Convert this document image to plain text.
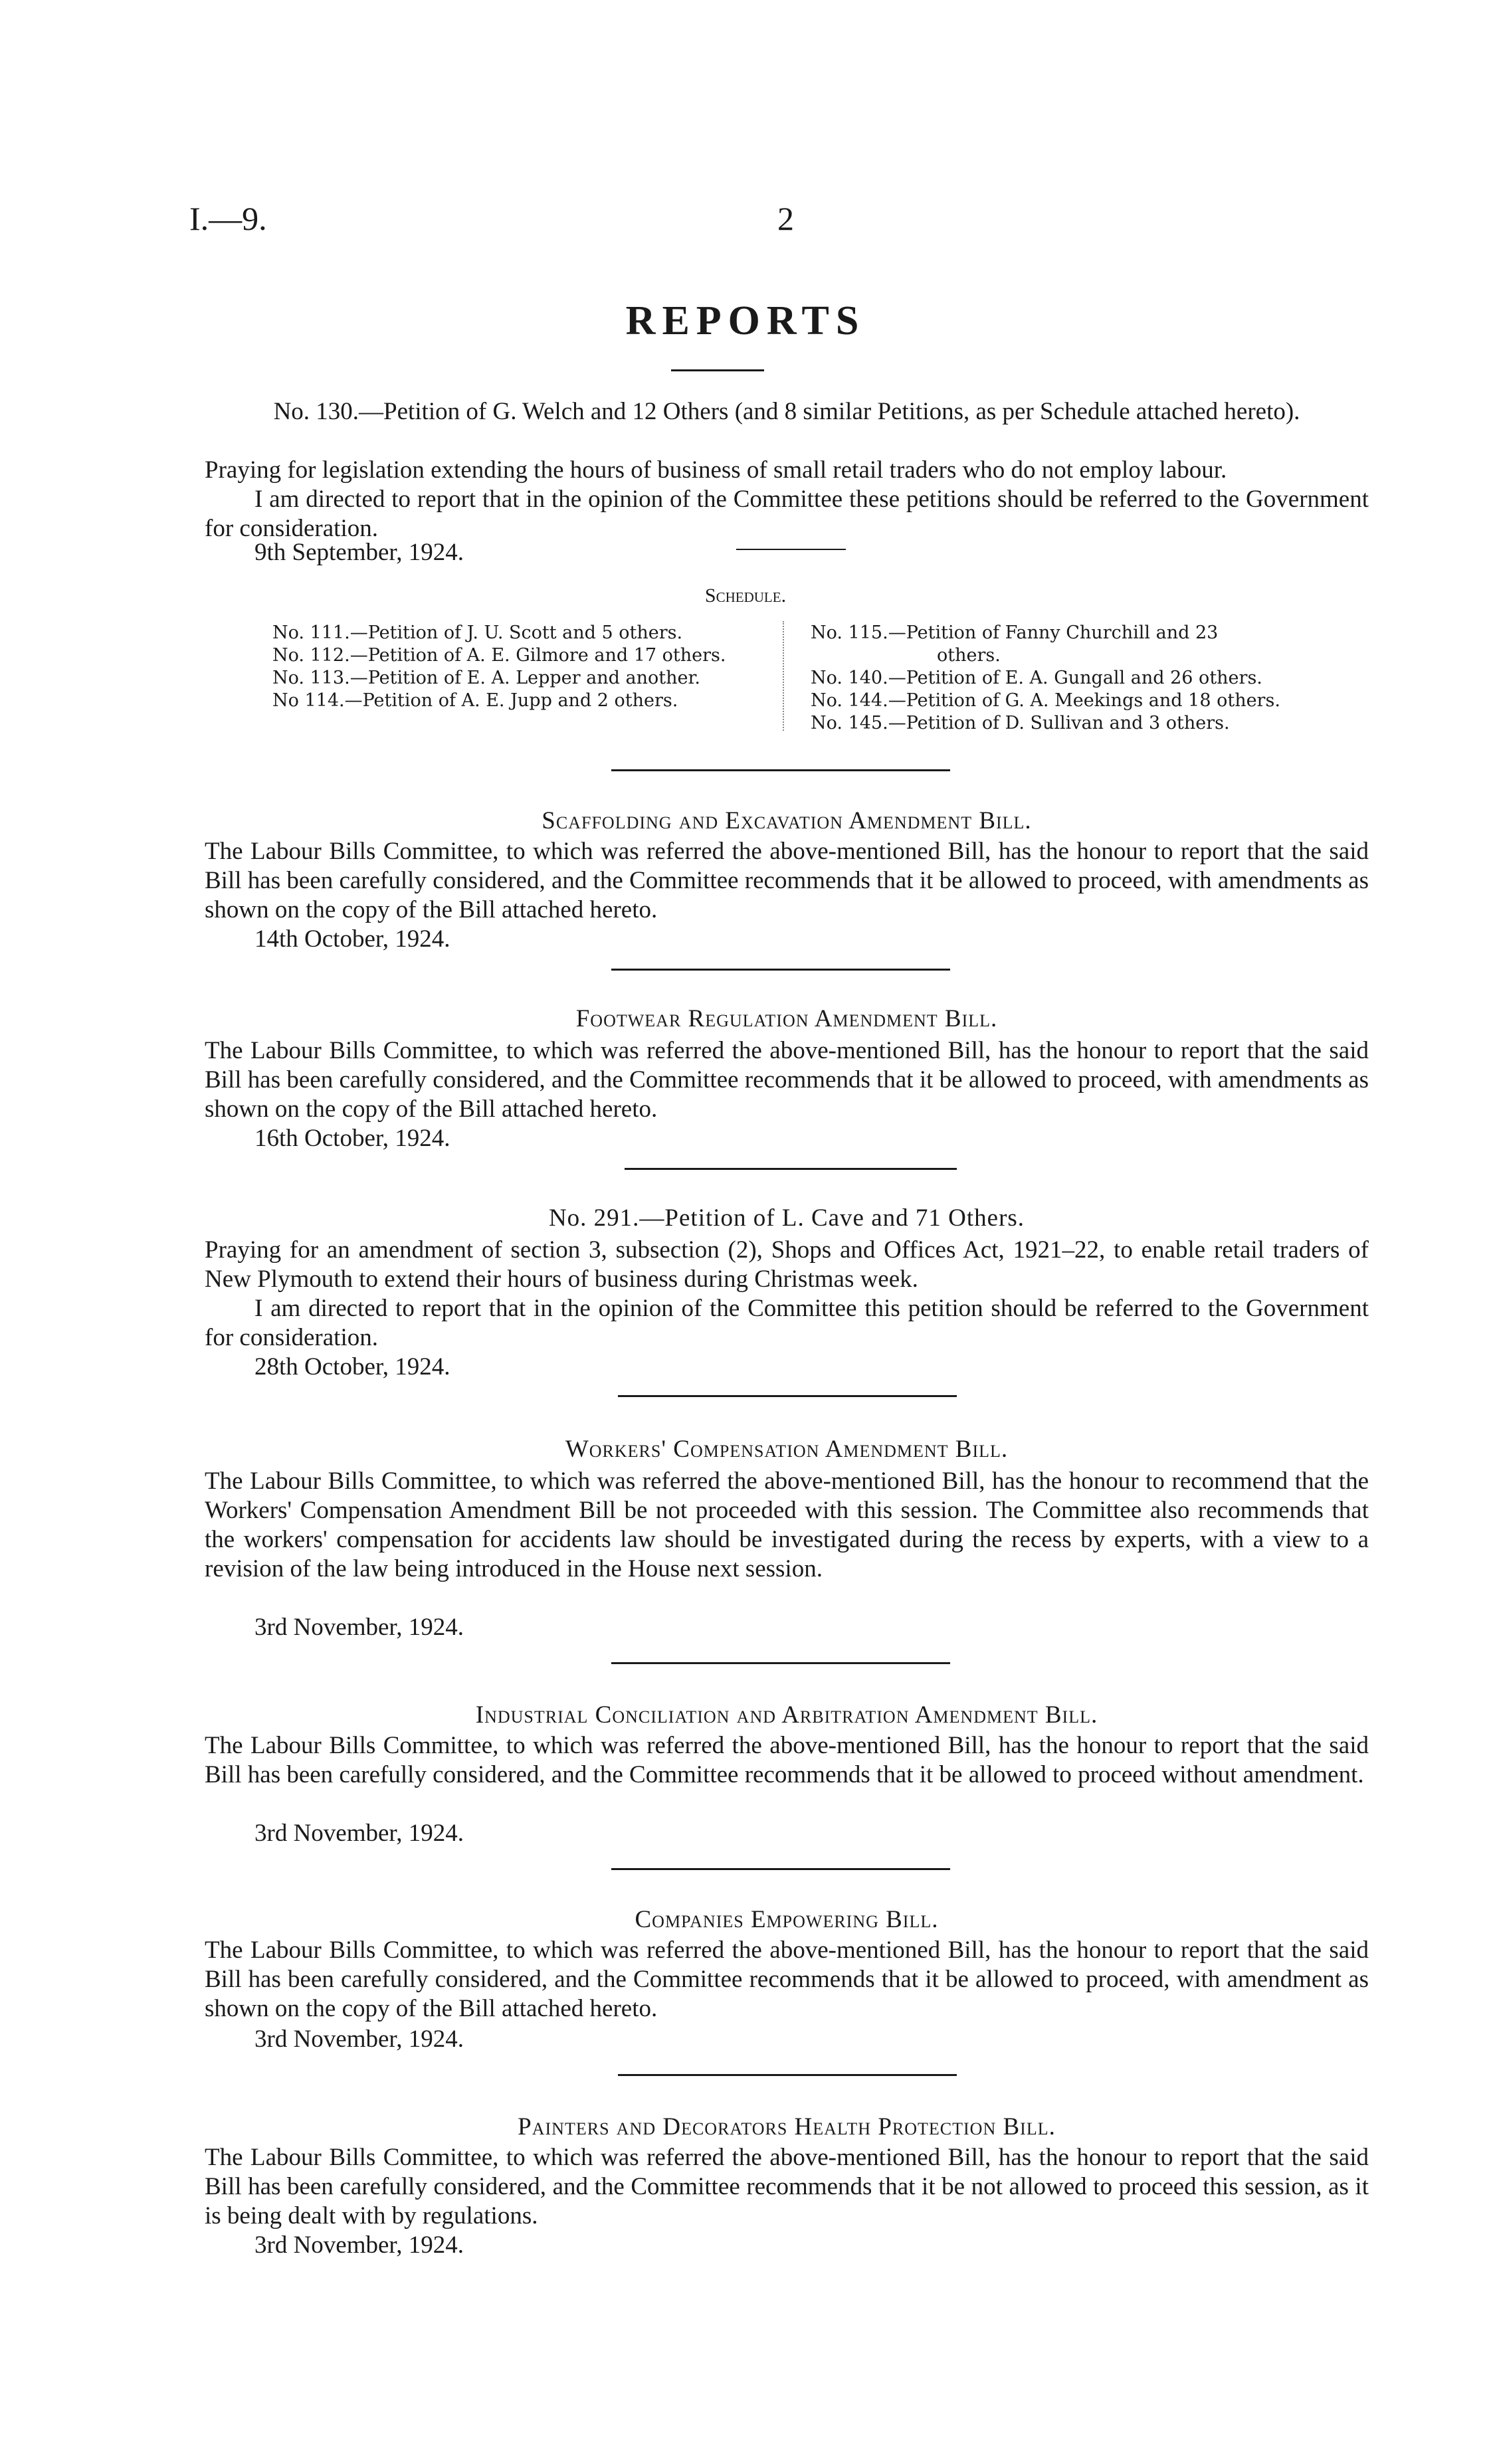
I.—9.	2
REPORTS
No. 130.—Petition of G. Welch and 12 Others (and 8 similar Petitions, as per Schedule attached hereto).
Praying for legislation extending the hours of business of small retail traders who do not employ labour.
I am directed to report that in the opinion of the Committee these petitions should be referred to the Government for consideration.
9th September, 1924.
Schedule.
No. 111.—Petition of J. U. Scott and 5 others.
No. 112.—Petition of A. E. Gilmore and 17 others.
No. 113.—Petition of E. A. Lepper and another.
No 114.—Petition of A. E. Jupp and 2 others.
No. 115.—Petition of Fanny Churchill and 23
others.
No. 140.—Petition of E. A. Gungall and 26 others.
No. 144.—Petition of G. A. Meekings and 18 others.
No. 145.—Petition of D. Sullivan and 3 others.
Scaffolding and Excavation Amendment Bill.
The Labour Bills Committee, to which was referred the above-mentioned Bill, has the honour to report that the said Bill has been carefully considered, and the Committee recommends that it be allowed to proceed, with amendments as shown on the copy of the Bill attached hereto.
14th October, 1924.
Footwear Regulation Amendment Bill.
The Labour Bills Committee, to which was referred the above-mentioned Bill, has the honour to report that the said Bill has been carefully considered, and the Committee recommends that it be allowed to proceed, with amendments as shown on the copy of the Bill attached hereto.
16th October, 1924.
No. 291.—Petition of L. Cave and 71 Others.
Praying for an amendment of section 3, subsection (2), Shops and Offices Act, 1921–22, to enable retail traders of New Plymouth to extend their hours of business during Christmas week.
I am directed to report that in the opinion of the Committee this petition should be referred to the Government for consideration.
28th October, 1924.
Workers' Compensation Amendment Bill.
The Labour Bills Committee, to which was referred the above-mentioned Bill, has the honour to recommend that the Workers' Compensation Amendment Bill be not proceeded with this session. The Committee also recommends that the workers' compensation for accidents law should be investigated during the recess by experts, with a view to a revision of the law being introduced in the House next session.
3rd November, 1924.
Industrial Conciliation and Arbitration Amendment Bill.
The Labour Bills Committee, to which was referred the above-mentioned Bill, has the honour to report that the said Bill has been carefully considered, and the Committee recommends that it be allowed to proceed without amendment.
3rd November, 1924.
Companies Empowering Bill.
The Labour Bills Committee, to which was referred the above-mentioned Bill, has the honour to report that the said Bill has been carefully considered, and the Committee recommends that it be allowed to proceed, with amendment as shown on the copy of the Bill attached hereto.
3rd November, 1924.
Painters and Decorators Health Protection Bill.
The Labour Bills Committee, to which was referred the above-mentioned Bill, has the honour to report that the said Bill has been carefully considered, and the Committee recommends that it be not allowed to proceed this session, as it is being dealt with by regulations.
3rd November, 1924.
